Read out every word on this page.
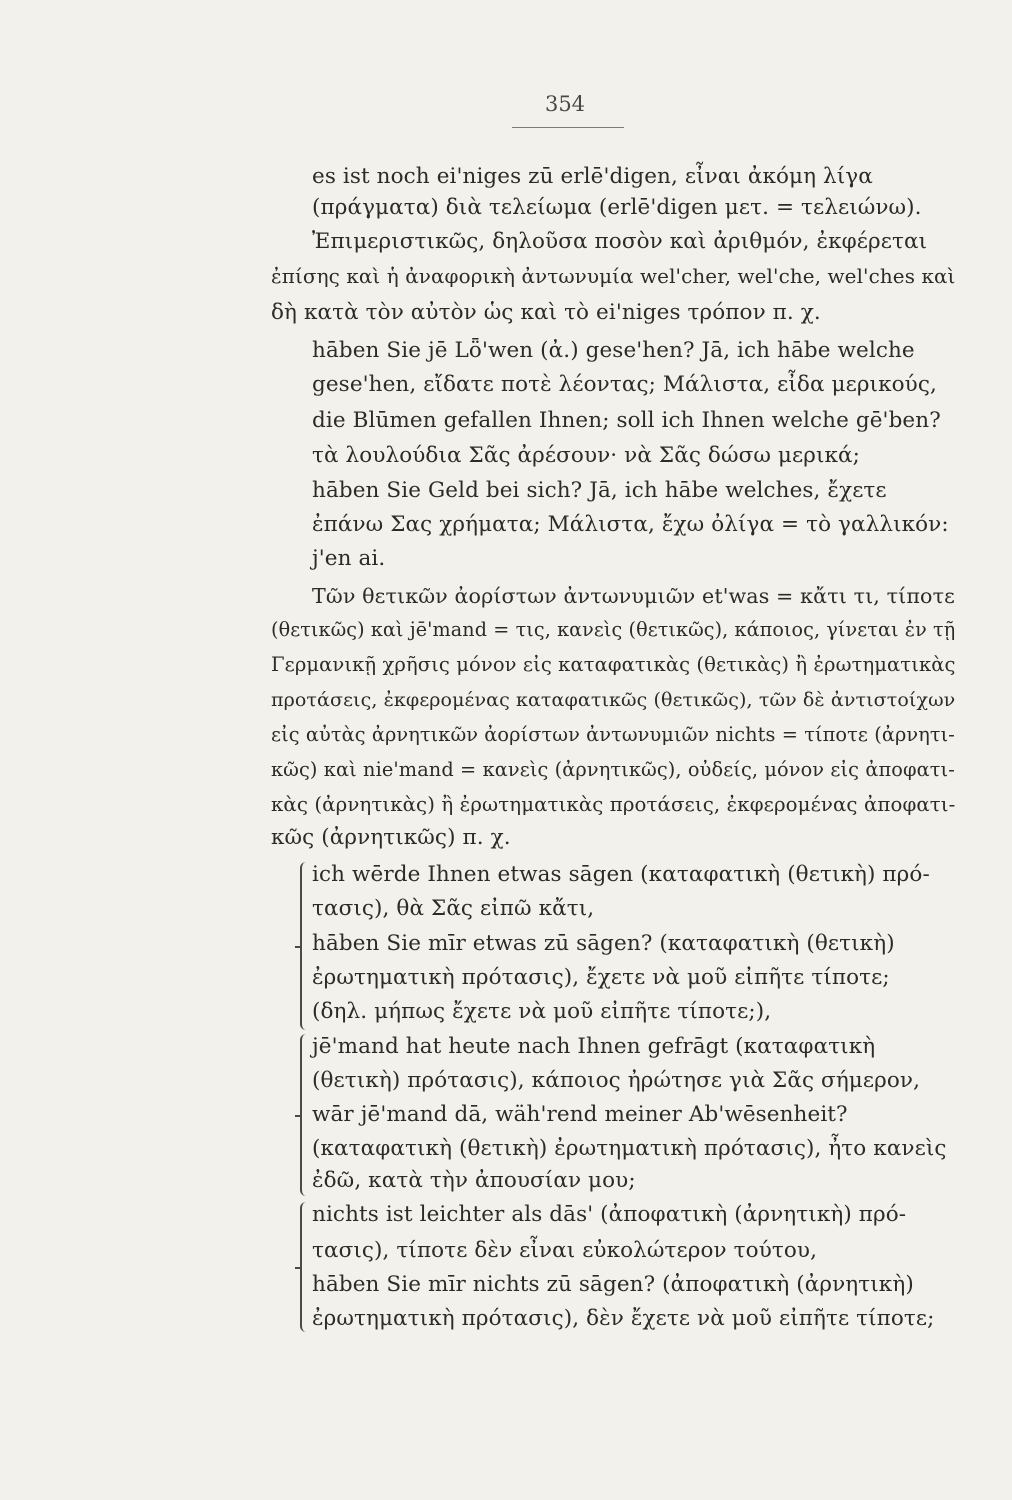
354
es ist noch ei'niges zū erlē'digen, εἶναι ἀκόμη λίγα
(πράγματα) διὰ τελείωμα (erlē'digen μετ. = τελειώνω).
Ἐπιμεριστικῶς, δηλοῦσα ποσὸν καὶ ἀριθμόν, ἐκφέρεται
ἐπίσης καὶ ἡ ἀναφορικὴ ἀντωνυμία wel'cher, wel'che, wel'ches καὶ
δὴ κατὰ τὸν αὐτὸν ὡς καὶ τὸ ei'niges τρόπον π. χ.
hāben Sie jē Lȫ'wen (ἀ.) gese'hen? Jā, ich hābe welche
gese'hen, εἴδατε ποτὲ λέοντας; Μάλιστα, εἶδα μερικούς,
die Blūmen gefallen Ihnen; soll ich Ihnen welche gē'ben?
τὰ λουλούδια Σᾶς ἀρέσουν· νὰ Σᾶς δώσω μερικά;
hāben Sie Geld bei sich? Jā, ich hābe welches, ἔχετε
ἐπάνω Σας χρήματα; Μάλιστα, ἔχω ὀλίγα = τὸ γαλλικόν:
j'en ai.
Τῶν θετικῶν ἀορίστων ἀντωνυμιῶν et'was = κἄτι τι, τίποτε
(θετικῶς) καὶ jē'mand = τις, κανεὶς (θετικῶς), κάποιος, γίνεται ἐν τῇ
Γερμανικῇ χρῆσις μόνον εἰς καταφατικὰς (θετικὰς) ἢ ἐρωτηματικὰς
προτάσεις, ἐκφερομένας καταφατικῶς (θετικῶς), τῶν δὲ ἀντιστοίχων
εἰς αὐτὰς ἀρνητικῶν ἀορίστων ἀντωνυμιῶν nichts = τίποτε (ἀρνητι-
κῶς) καὶ nie'mand = κανεὶς (ἀρνητικῶς), οὐδείς, μόνον εἰς ἀποφατι-
κὰς (ἀρνητικὰς) ἢ ἐρωτηματικὰς προτάσεις, ἐκφερομένας ἀποφατι-
κῶς (ἀρνητικῶς) π. χ.
ich wērde Ihnen etwas sāgen (καταφατικὴ (θετικὴ) πρό-
τασις), θὰ Σᾶς εἰπῶ κἄτι,
hāben Sie mīr etwas zū sāgen? (καταφατικὴ (θετικὴ)
ἐρωτηματικὴ πρότασις), ἔχετε νὰ μοῦ εἰπῆτε τίποτε;
(δηλ. μήπως ἔχετε νὰ μοῦ εἰπῆτε τίποτε;),
jē'mand hat heute nach Ihnen gefrāgt (καταφατικὴ
(θετικὴ) πρότασις), κάποιος ἠρώτησε γιὰ Σᾶς σήμερον,
wār jē'mand dā, wäh'rend meiner Ab'wēsenheit?
(καταφατικὴ (θετικὴ) ἐρωτηματικὴ πρότασις), ἦτο κανεὶς
ἐδῶ, κατὰ τὴν ἀπουσίαν μου;
nichts ist leichter als dās' (ἀποφατικὴ (ἀρνητικὴ) πρό-
τασις), τίποτε δὲν εἶναι εὐκολώτερον τούτου,
hāben Sie mīr nichts zū sāgen? (ἀποφατικὴ (ἀρνητικὴ)
ἐρωτηματικὴ πρότασις), δὲν ἔχετε νὰ μοῦ εἰπῆτε τίποτε;
